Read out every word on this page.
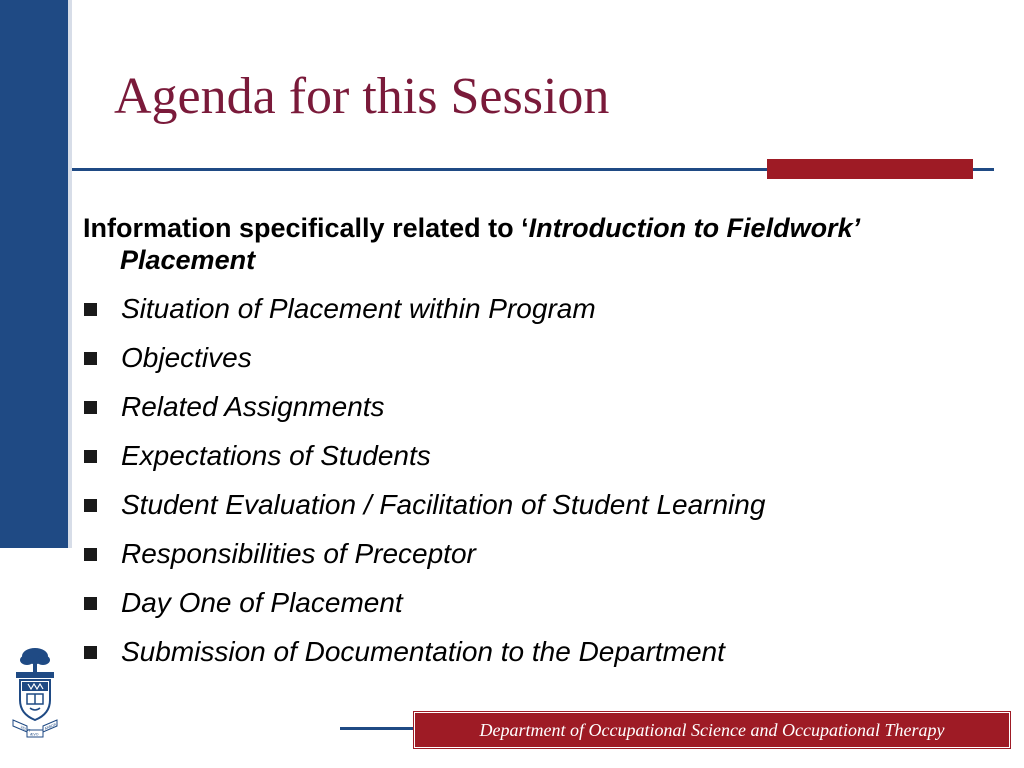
Agenda for this Session

Information specifically related to ‘Introduction to Fieldwork’ Placement

Situation of Placement within Program
Objectives
Related Assignments
Expectations of Students
Student Evaluation / Facilitation of Student Learning
Responsibilities of Preceptor
Day One of Placement
Submission of Documentation to the Department
VELUT	ARBOR
ÆVO	Department of Occupational Science and Occupational Therapy
